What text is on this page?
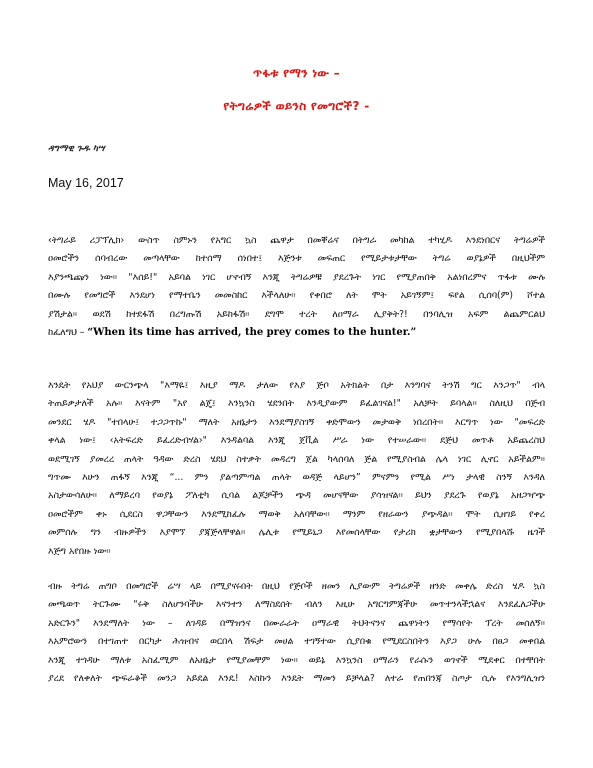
ጥፋቱ የማን ነው –
የትግሬዎች ወይንስ የመግሮች? -
ዳግማዊ ጉዱ ካሣ
May 16, 2017
‹ትግራይ ሪፓፕሊክ› ውስጥ ስምኑን የአግር ኳስ ጨዋታ በመቐሬና በትግራ መካከል ተካሂዶ እንደነበርና ትግሬዎች
ዐመሮችን ሰባብረው መጣላቸው ከተሰማ ሰነበተ፤ እጅንቱ መፍጠር የሚይታቱታቸው ትግሬ ወያኔዎች በዚህችም
እያንጫጩን ነው፡፡ "እሰይ!" አይባል ነገር ሆኖብኝ እንጂ ትግሬዎቹ ያደረጉት ነገር የሚያጠበቅ አልነበረምና ጥፋቱ ሙሉ
በሙሉ የመግሮች እንደሆነ የማተቤን መመስከር እችላለሁ፡፡ የቀበሮ ለት ሞት አይገኝም፤ ፍየል ሲሰባ(ም) ሾተል
ያሽታል፡፡ ወደሽ ከተደፋሽ በረግጡሽ አይከፋሽ፡፡ ደግሞ ተረት ለዐማራ ሊያቅት?! በንባሊዝ አፍም ልጨምርልህ
ከፈለግህ – “When its time has arrived, the prey comes to the hunter.”
እንዴት የአህያ ውርንጭላ "እማዬ፤ እዚያ ማዶ ታለው የእያ ጅቦ አትክልት በታ እንግባና ትንሽ ግር እንጋጥ" ብላ
ትጠይቃታለች አሉ፡፡ እናትም "አየ ልጄ፤ እንኳንስ ሄደንበት እንዲያውም ይፈልገናል!" አለቻት ይባላል፡፡ ስለዚህ በጅብ
መንደር ሄዶ "ተበላሁ፤ ተጋጋጥኩ" ማለት አዘኔታን እንደማያስገኝ ቀድሞውን መታወቅ ነበረበት፡፡ እርግጥ ነው "መፍረድ
ቀላል ነው፤ ‹አትፍረድ ይፈረድብሃል›" እንዳልባል እንጂ ጀቪል ሥራ ነው የተሠራው፡፡ ደጅህ መጥቶ አይጨረስህ
ወደሚገኝ ያመረረ ጠላት ዓዳው ድረስ ሄደህ ስተቃት መዳረግ ጀል ካላሰባለ ጅል የሚያስብል ሌላ ነገር ሊኖር አይችልም፡፡
ግጥሙ እሁን ጠፋኝ እንጂ “... ምን ያልጣምጣል ጠላት ወዳጅ ላይሆን” ምናምን የሚል ሥነ ታላዊ ስንኝ እንዳለ
አስታውሳለሁ፡፡ ለማይረባ የወያኔ ፖለቲካ ሲባል ልጆቻችን ጭዳ መሆናቸው ያሳዝናል፡፡ ይህን ያደረጉ የወያኔ አዘጋዣጭ
ዐመሮችም ቀኑ ሲደርስ ዋጋቸውን እንደሚከፈሉ ማወቅ አለባቸው፡፡ ማንም የዘራውን ያጭዳል፡፡ ሞት ሲዘገይ የቀረ
መምሰሉ ግን ብዙዎችን እያሞኘ ያጃጅላቸዋል፡፡ ሌሊቱ የሚይኒጋ እየመሰላቸው የታሪክ ቋታቸውን የሚያበላሹ ዜጎች
እጅግ አየበዙ ነው፡፡
ብዙ ትግሬ ጠግቦ በመግሮች ሬሣ ላይ በሚያናሩበት በዚህ የጅቦች ዘመን ሊያውም ትግሬዎች ዘንድ መቀሌ ድረስ ሄዶ ኳስ
መጫወጥ ትርጉሙ "ሩቅ ስለሆንባችሁ እናንተን ለማስደሰት ብለን እዚሁ አግርግምጃችሁ መጥተንላችኋልና እንደፈለጋችሁ
አድርጉን" እንደማለት ነው – ለገዳይ በማዝንና በሙራራት ዐማራዊ ትህትናንና ጨዋነትን የማሳየት ፕረት መሰለኝ፡፡
እአምሮውን በተገጠተ በርካታ ሕዝብና ወርበላ ሽፍታ መሀል ተገኝተው ሲያበቁ የሚደርስበትን እያጋ ሁሉ በፀጋ መቀበል
እንጂ ተጎዳሁ ማለቱ አስፈሚም ለአዘኔታ የሚያመቸም ነው፡፡ ወይኔ እንኳንስ ዐማራን የራሱን ወገኖች ሚደቀር በተቸበት
ያረደ የለቀለት ጭፍራቆች መንጋ አይደል እንዴ! እስኩን እንዴት ማመን ይቻላል? ለተራ የጠበንጃ ስጦታ ሲሉ የእንግሊዝን
